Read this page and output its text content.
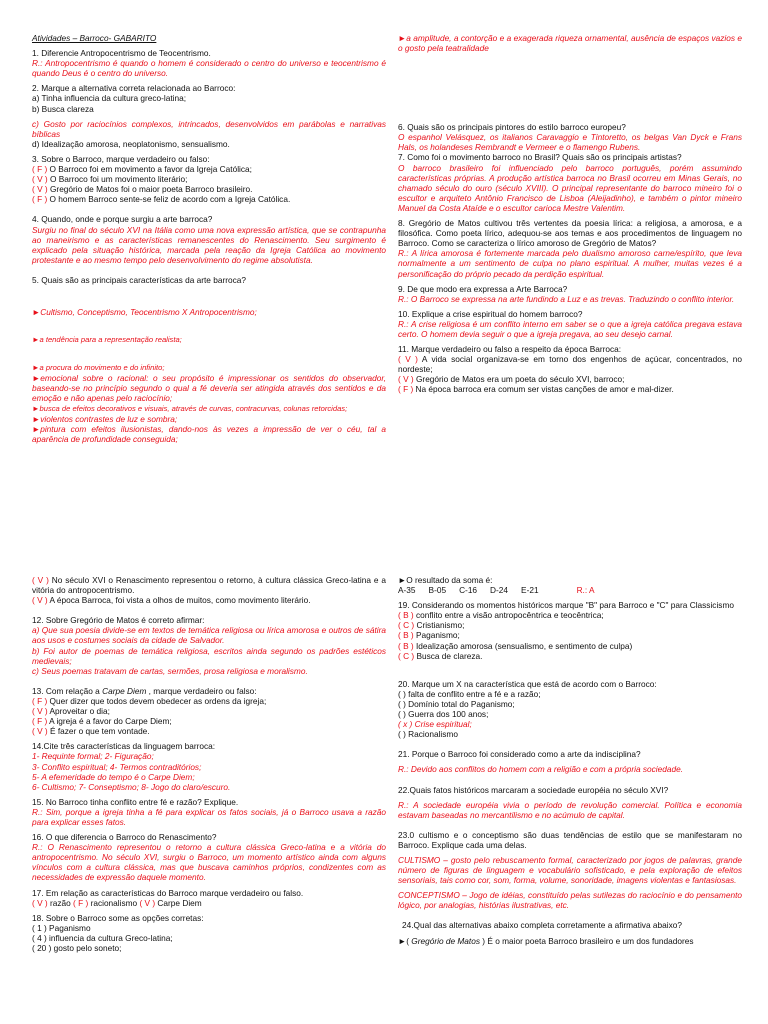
Atividades – Barroco- GABARITO
1. Diferencie Antropocentrismo de Teocentrismo.
R.: Antropocentrismo é quando o homem é considerado o centro do universo e teocentrismo é quando Deus é o centro do universo.
2. Marque a alternativa correta relacionada ao Barroco:
a) Tinha influencia da cultura greco-latina;
b) Busca clareza
c) Gosto por raciocínios complexos, intrincados, desenvolvidos em parábolas e narrativas bíblicas
d) Idealização amorosa, neoplatonismo, sensualismo.
3. Sobre o Barroco, marque verdadeiro ou falso:
( F ) O Barroco foi em movimento a favor da Igreja Católica;
( V ) O Barroco foi um movimento literário;
( V ) Gregório de Matos foi o maior poeta Barroco brasileiro.
( F ) O homem Barroco sente-se feliz de acordo com a Igreja Católica.
4. Quando, onde e porque surgiu a arte barroca?
Surgiu no final do século XVI na Itália como uma nova expressão artística, que se contrapunha ao maneirismo e as características remanescentes do Renascimento. Seu surgimento é explicado pela situação histórica, marcada pela reação da Igreja Católica ao movimento protestante e ao mesmo tempo pelo desenvolvimento do regime absolutista.
5. Quais são as principais características da arte barroca?
►Cultismo, Conceptismo, Teocentrismo X Antropocentrismo;
►a tendência para a representação realista;
►a procura do movimento e do infinito;
►emocional sobre o racional: o seu propósito é impressionar os sentidos do observador, baseando-se no princípio segundo o qual a fé deveria ser atingida através dos sentidos e da emoção e não apenas pelo raciocínio;
►busca de efeitos decorativos e visuais, através de curvas, contracurvas, colunas retorcidas;
►violentos contrastes de luz e sombra;
►pintura com efeitos ilusionistas, dando-nos às vezes a impressão de ver o céu, tal a aparência de profundidade conseguida;
►a amplitude, a contorção e a exagerada riqueza ornamental, ausência de espaços vazios e o gosto pela teatralidade
6. Quais são os principais pintores do estilo barroco europeu?
O espanhol Velásquez, os italianos Caravaggio e Tintoretto, os belgas Van Dyck e Frans Hals, os holandeses Rembrandt e Vermeer e o flamengo Rubens.
7. Como foi o movimento barroco no Brasil? Quais são os principais artistas?
O barroco brasileiro foi influenciado pelo barroco português, porém assumindo características próprias. A produção artística barroca no Brasil ocorreu em Minas Gerais, no chamado século do ouro (século XVIII). O principal representante do barroco mineiro foi o escultor e arquiteto Antônio Francisco de Lisboa (Aleijadinho), e também o pintor mineiro Manuel da Costa Ataíde e o escultor carioca Mestre Valentim.
8. Gregório de Matos cultivou três vertentes da poesia lírica: a religiosa, a amorosa, e a filosófica. Como poeta lírico, adequou-se aos temas e aos procedimentos de linguagem no Barroco. Como se caracteriza o lírico amoroso de Gregório de Matos?
R.: A lírica amorosa é fortemente marcada pelo dualismo amoroso carne/espírito, que leva normalmente a um sentimento de culpa no plano espiritual. A mulher, muitas vezes é a personificação do próprio pecado da perdição espiritual.
9. De que modo era expressa a Arte Barroca?
R.: O Barroco se expressa na arte fundindo a Luz e as trevas. Traduzindo o conflito interior.
10. Explique a crise espiritual do homem barroco?
R.: A crise religiosa é um conflito interno em saber se o que a igreja católica pregava estava certo. O homem devia seguir o que a igreja pregava, ao seu desejo carnal.
11. Marque verdadeiro ou falso a respeito da época Barroca:
( V ) A vida social organizava-se em torno dos engenhos de açúcar, concentrados, no nordeste;
( V ) Gregório de Matos era um poeta do século XVI, barroco;
( F ) Na época barroca era comum ser vistas canções de amor e mal-dizer.
( V ) No século XVI o Renascimento representou o retorno, à cultura clássica Greco-latina e a vitória do antropocentrismo.
( V ) A época Barroca, foi vista a olhos de muitos, como movimento literário.
12. Sobre Gregório de Matos é correto afirmar:
a) Que sua poesia divide-se em textos de temática religiosa ou lírica amorosa e outros de sátira aos usos e costumes sociais da cidade de Salvador.
b) Foi autor de poemas de temática religiosa, escritos ainda segundo os padrões estéticos medievais;
c) Seus poemas tratavam de cartas, sermões, prosa religiosa e moralismo.
13. Com relação a Carpe Diem , marque verdadeiro ou falso:
( F ) Quer dizer que todos devem obedecer as ordens da igreja;
( V ) Aproveitar o dia;
( F ) A igreja é a favor do Carpe Diem;
( V ) É fazer o que tem vontade.
14.Cite três características da linguagem barroca:
1- Requinte formal; 2- Figuração;
3- Conflito espiritual; 4- Termos contraditórios;
5- A efemeridade do tempo é o Carpe Diem;
6- Cultismo; 7- Conseptismo; 8- Jogo do claro/escuro.
15. No Barroco tinha conflito entre fé e razão? Explique.
R.: Sim, porque a igreja tinha a fé para explicar os fatos sociais, já o Barroco usava a razão para explicar esses fatos.
16. O que diferencia o Barroco do Renascimento?
R.: O Renascimento representou o retorno a cultura clássica Greco-latina e a vitória do antropocentrismo. No século XVI, surgiu o Barroco, um momento artístico ainda com alguns vínculos com a cultura clássica, mas que buscava caminhos próprios, condizentes com as necessidades de expressão daquele momento.
17. Em relação as características do Barroco marque verdadeiro ou falso.
( V ) razão ( F ) racionalismo ( V ) Carpe Diem
18. Sobre o Barroco some as opções corretas:
( 1 ) Paganismo
( 4 ) influencia da cultura Greco-latina;
( 20 ) gosto pelo soneto;
►O resultado da soma é:
A-35 B-05 C-16 D-24 E-21	R.: A
19. Considerando os momentos históricos marque "B" para Barroco e "C" para Classicismo
( B ) conflito entre a visão antropocêntrica e teocêntrica;
( C ) Cristianismo;
( B ) Paganismo;
( B ) Idealização amorosa (sensualismo, e sentimento de culpa)
( C ) Busca de clareza.
20. Marque um X na característica que está de acordo com o Barroco:
( ) falta de conflito entre a fé e a razão;
( ) Domínio total do Paganismo;
( ) Guerra dos 100 anos;
( x ) Crise espiritual;
( ) Racionalismo
21. Porque o Barroco foi considerado como a arte da indisciplina?
R.: Devido aos conflitos do homem com a religião e com a própria sociedade.
22.Quais fatos históricos marcaram a sociedade européia no século XVI?
R.: A sociedade européia vivia o período de revolução comercial. Política e economia estavam baseadas no mercantilismo e no acúmulo de capital.
23.0 cultismo e o conceptismo são duas tendências de estilo que se manifestaram no Barroco. Explique cada uma delas.
CULTISMO – gosto pelo rebuscamento formal, caracterizado por jogos de palavras, grande número de figuras de linguagem e vocabulário sofisticado, e pela exploração de efeitos sensoriais, tais como cor, som, forma, volume, sonoridade, imagens violentas e fantasiosas.
CONCEPTISMO – Jogo de idéias, constituído pelas sutilezas do raciocínio e do pensamento lógico, por analogias, histórias ilustrativas, etc.
24.Qual das alternativas abaixo completa corretamente a afirmativa abaixo?
►( Gregório de Matos ) É o maior poeta Barroco brasileiro e um dos fundadores
